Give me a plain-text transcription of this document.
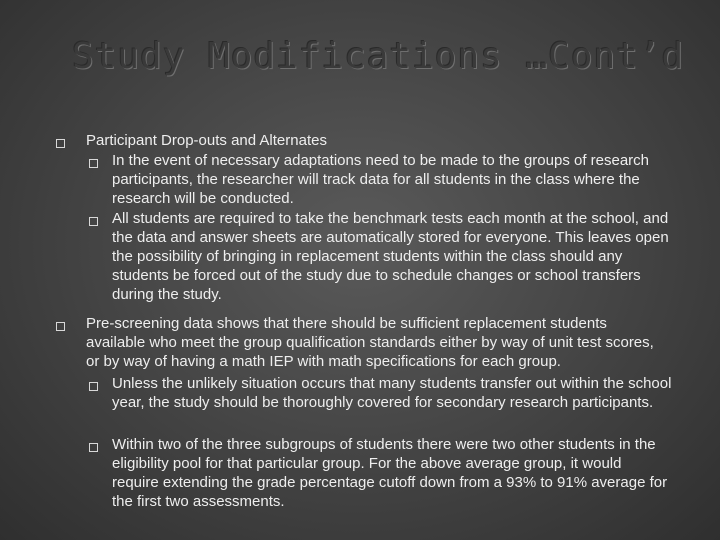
Study Modifications …Cont’d
Participant Drop-outs and Alternates
In the event of necessary adaptations need to be made to the groups of research participants, the researcher will track data for all students in the class where the research will be conducted.
All students are required to take the benchmark tests each month at the school, and the data and answer sheets are automatically stored for everyone. This leaves open the possibility of bringing in replacement students within the class should any students be forced out of the study due to schedule changes or school transfers during the study.
Pre-screening data shows that there should be sufficient replacement students available who meet the group qualification standards either by way of unit test scores, or by way of having a math IEP with math specifications for each group.
Unless the unlikely situation occurs that many students transfer out within the school year, the study should be thoroughly covered for secondary research participants.
Within two of the three subgroups of students there were two other students in the eligibility pool for that particular group. For the above average group, it would require extending the grade percentage cutoff down from a 93% to 91% average for the first two assessments.
